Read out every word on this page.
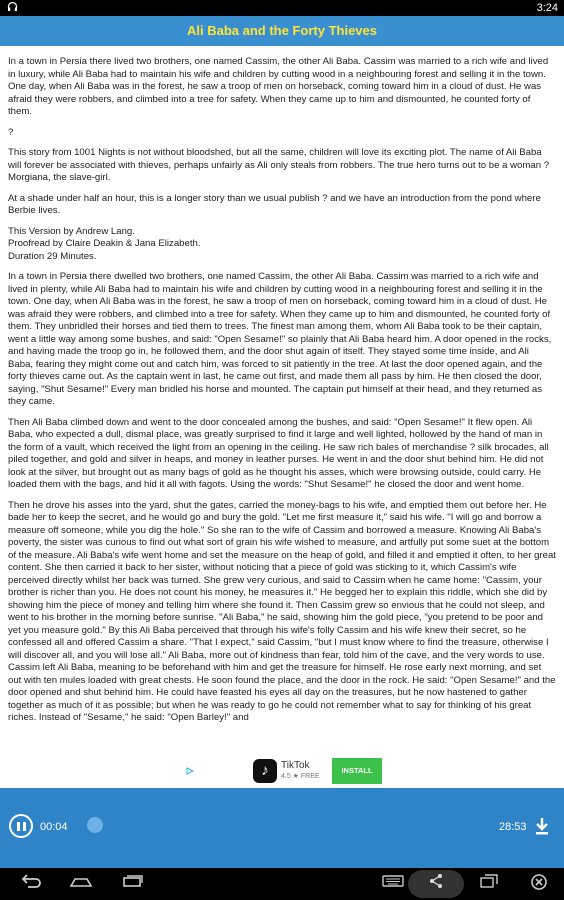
3:24
Ali Baba and the Forty Thieves

In a town in Persia there lived two brothers, one named Cassim, the other Ali Baba. Cassim was married to a rich wife and lived in luxury, while Ali Baba had to maintain his wife and children by cutting wood in a neighbouring forest and selling it in the town. One day, when Ali Baba was in the forest, he saw a troop of men on horseback, coming toward him in a cloud of dust. He was afraid they were robbers, and climbed into a tree for safety. When they came up to him and dismounted, he counted forty of them.

?

This story from 1001 Nights is not without bloodshed, but all the same, children will love its exciting plot. The name of Ali Baba will forever be associated with thieves, perhaps unfairly as Ali only steals from robbers. The true hero turns out to be a woman ? Morgiana, the slave-girl.

At a shade under half an hour, this is a longer story than we usual publish ? and we have an introduction from the pond where Berbie lives.

This Version by Andrew Lang.

Proofread by Claire Deakin & Jana Elizabeth.

Duration 29 Minutes.

In a town in Persia there dwelled two brothers, one named Cassim, the other Ali Baba. Cassim was married to a rich wife and lived in plenty, while Ali Baba had to maintain his wife and children by cutting wood in a neighbouring forest and selling it in the town. One day, when Ali Baba was in the forest, he saw a troop of men on horseback, coming toward him in a cloud of dust. He was afraid they were robbers, and climbed into a tree for safety. When they came up to him and dismounted, he counted forty of them. They unbridled their horses and tied them to trees. The finest man among them, whom Ali Baba took to be their captain, went a little way among some bushes, and said: "Open Sesame!" so plainly that Ali Baba heard him. A door opened in the rocks, and having made the troop go in, he followed them, and the door shut again of itself. They stayed some time inside, and Ali Baba, fearing they might come out and catch him, was forced to sit patiently in the tree. At last the door opened again, and the forty thieves came out. As the captain went in last, he came out first, and made them all pass by him. He then closed the door, saying, "Shut Sesame!" Every man bridled his horse and mounted. The captain put himself at their head, and they returned as they came.

Then Ali Baba climbed down and went to the door concealed among the bushes, and said: "Open Sesame!" It flew open. Ali Baba, who expected a dull, dismal place, was greatly surprised to find it large and well lighted, hollowed by the hand of man in the form of a vault, which received the light from an opening in the ceiling. He saw rich bales of merchandise ? silk brocades, all piled together, and gold and silver in heaps, and money in leather purses. He went in and the door shut behind him. He did not look at the silver, but brought out as many bags of gold as he thought his asses, which were browsing outside, could carry. He loaded them with the bags, and hid it all with fagots. Using the words: "Shut Sesame!" he closed the door and went home.

Then he drove his asses into the yard, shut the gates, carried the money-bags to his wife, and emptied them out before her. He bade her to keep the secret, and he would go and bury the gold. "Let me first measure it," said his wife. "I will go and borrow a measure off someone, while you dig the hole." So she ran to the wife of Cassim and borrowed a measure. Knowing Ali Baba's poverty, the sister was curious to find out what sort of grain his wife wished to measure, and artfully put some suet at the bottom of the measure. Ali Baba's wife went home and set the measure on the heap of gold, and filled it and emptied it often, to her great content. She then carried it back to her sister, without noticing that a piece of gold was sticking to it, which Cassim's wife perceived directly whilst her back was turned. She grew very curious, and said to Cassim when he came home: "Cassim, your brother is richer than you. He does not count his money, he measures it." He begged her to explain this riddle, which she did by showing him the piece of money and telling him where she found it. Then Cassim grew so envious that he could not sleep, and went to his brother in the morning before sunrise. "Ali Baba," he said, showing him the gold piece, "you pretend to be poor and yet you measure gold." By this Ali Baba perceived that through his wife's folly Cassim and his wife knew their secret, so he confessed all and offered Cassim a share. "That I expect," said Cassim, "but I must know where to find the treasure, otherwise I will discover all, and you will lose all." Ali Baba, more out of kindness than fear, told him of the cave, and the very words to use. Cassim left Ali Baba, meaning to be beforehand with him and get the treasure for himself. He rose early next morning, and set out with ten mules loaded with great chests. He soon found the place, and the door in the rock. He said: "Open Sesame!" and the door opened and shut behind him. He could have feasted his eyes all day on the treasures, but he now hastened to gather together as much of it as possible; but when he was ready to go he could not remember what to say for thinking of his great riches. Instead of "Sesame," he said: "Open Barley!" and

♪	TikTok
4.5 ★ FREE
INSTALL
00:04	28:53
